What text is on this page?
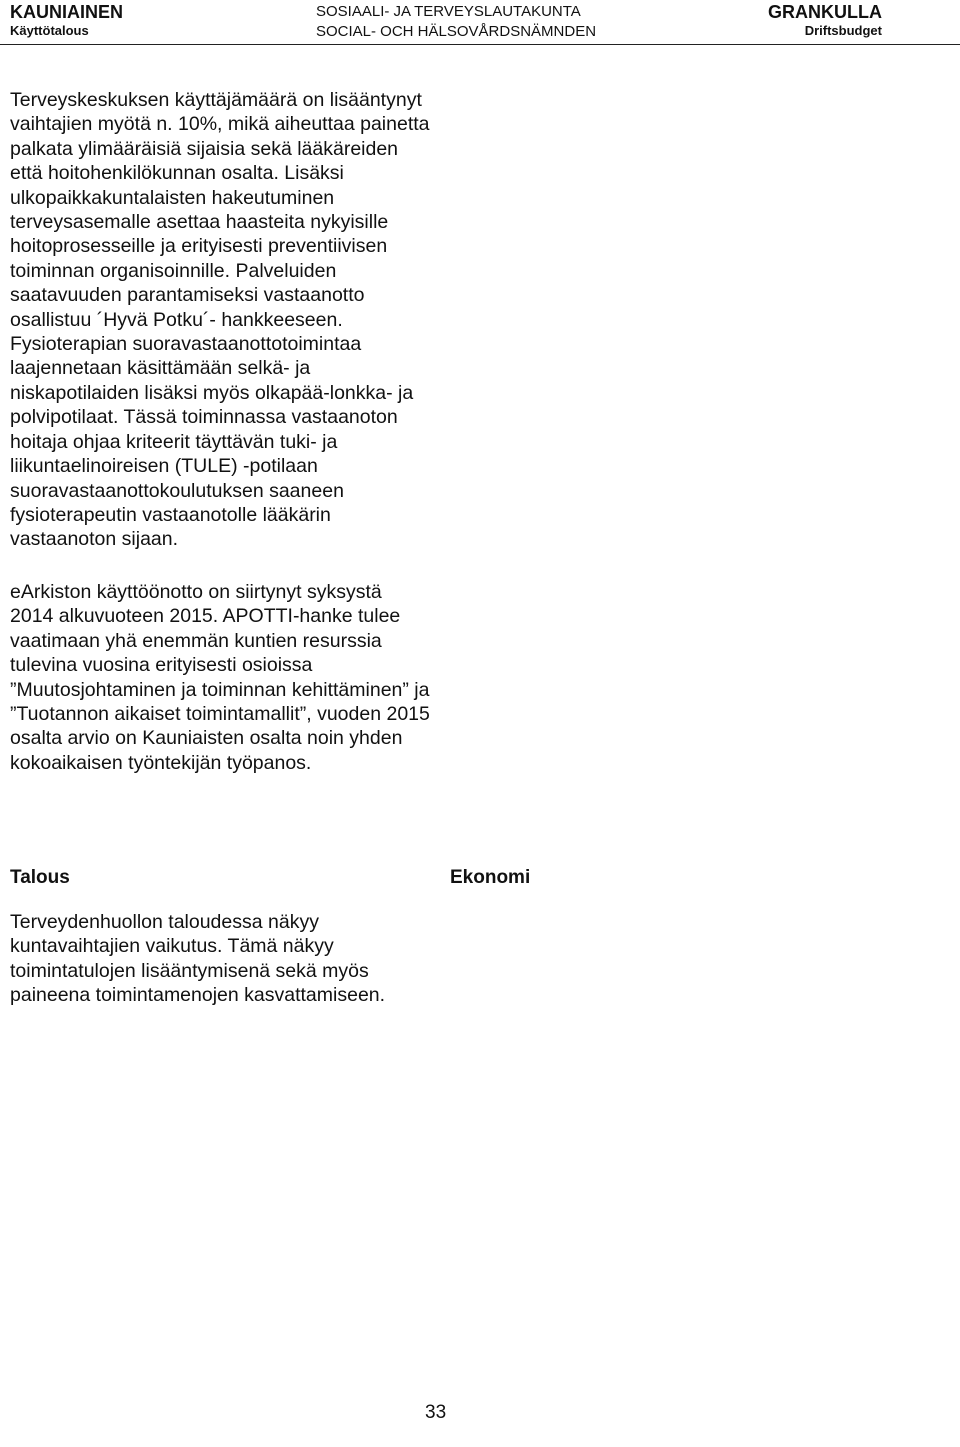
KAUNIAINEN
Käyttötalous
SOSIAALI- JA TERVEYSLAUTAKUNTA
SOCIAL- OCH HÄLSOVÅRDSNÄMNDEN
GRANKULLA
Driftsbudget

Terveyskeskuksen käyttäjämäärä on lisääntynyt vaihtajien myötä n. 10%, mikä aiheuttaa painetta palkata ylimääräisiä sijaisia sekä lääkäreiden että hoitohenkilökunnan osalta. Lisäksi ulkopaikkakuntalaisten hakeutuminen terveysasemalle asettaa haasteita nykyisille hoitoprosesseille ja erityisesti preventiivisen toiminnan organisoinnille. Palveluiden saatavuuden parantamiseksi vastaanotto osallistuu ´Hyvä Potku´- hankkeeseen. Fysioterapian suoravastaanottotoimintaa laajennetaan käsittämään selkä- ja niskapotilaiden lisäksi myös olkapää-lonkka- ja polvipotilaat. Tässä toiminnassa vastaanoton hoitaja ohjaa kriteerit täyttävän tuki- ja liikuntaelinoireisen (TULE) -potilaan suoravastaanottokoulutuksen saaneen fysioterapeutin vastaanotolle lääkärin vastaanoton sijaan.

eArkiston käyttöönotto on siirtynyt syksystä 2014 alkuvuoteen 2015. APOTTI-hanke tulee vaatimaan yhä enemmän kuntien resurssia tulevina vuosina erityisesti osioissa ”Muutosjohtaminen ja toiminnan kehittäminen” ja ”Tuotannon aikaiset toimintamallit”, vuoden 2015 osalta arvio on Kauniaisten osalta noin yhden kokoaikaisen työntekijän työpanos.

Talous	Ekonomi

Terveydenhuollon taloudessa näkyy kuntavaihtajien vaikutus. Tämä näkyy toimintatulojen lisääntymisenä sekä myös paineena toimintamenojen kasvattamiseen.

33
